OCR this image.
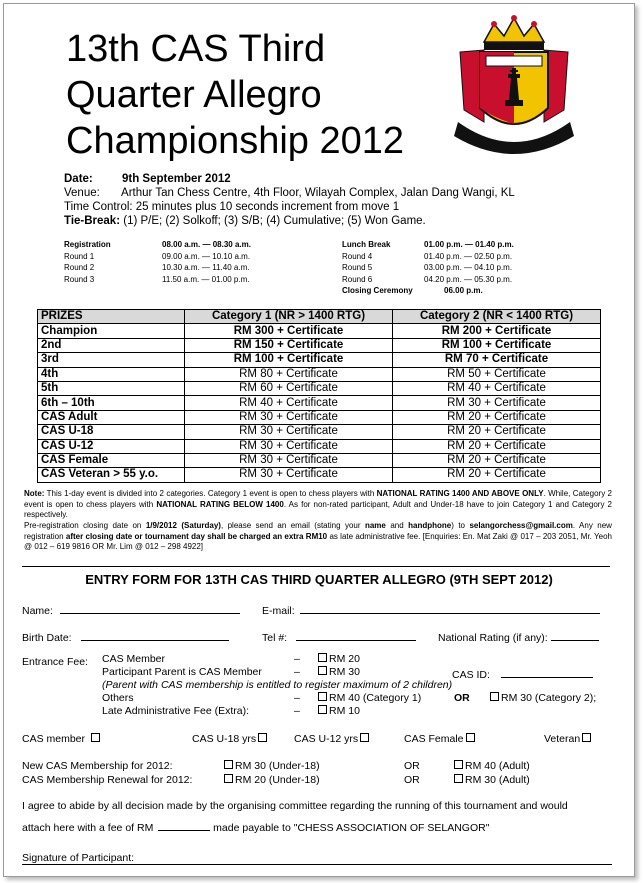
13th CAS Third
Quarter Allegro
Championship 2012
Date:	9th September 2012
Venue: Arthur Tan Chess Centre, 4th Floor, Wilayah Complex, Jalan Dang Wangi, KL
Time Control: 25 minutes plus 10 seconds increment from move 1
Tie-Break: (1) P/E; (2) Solkoff; (3) S/B; (4) Cumulative; (5) Won Game.
Registration	08.00 a.m. — 08.30 a.m.
Round 1	09.00 a.m. — 10.10 a.m.
Round 2	10.30 a.m. — 11.40 a.m.
Round 3	11.50 a.m. — 01.00 p.m.
Lunch Break	01.00 p.m. — 01.40 p.m.
Round 4	01.40 p.m. — 02.50 p.m.
Round 5	03.00 p.m. — 04.10 p.m.
Round 6	04.20 p.m. — 05.30 p.m.
Closing Ceremony	06.00 p.m.
PRIZES	Category 1 (NR > 1400 RTG)	Category 2 (NR < 1400 RTG)
Champion	RM 300 + Certificate	RM 200 + Certificate
2nd	RM 150 + Certificate	RM 100 + Certificate
3rd	RM 100 + Certificate	RM 70 + Certificate
4th	RM 80 + Certificate	RM 50 + Certificate
5th	RM 60 + Certificate	RM 40 + Certificate
6th – 10th	RM 40 + Certificate	RM 30 + Certificate
CAS Adult	RM 30 + Certificate	RM 20 + Certificate
CAS U-18	RM 30 + Certificate	RM 20 + Certificate
CAS U-12	RM 30 + Certificate	RM 20 + Certificate
CAS Female	RM 30 + Certificate	RM 20 + Certificate
CAS Veteran > 55 y.o.	RM 30 + Certificate	RM 20 + Certificate
Note: This 1-day event is divided into 2 categories. Category 1 event is open to chess players with NATIONAL RATING 1400 AND ABOVE ONLY. While, Category 2 event is open to chess players with NATIONAL RATING BELOW 1400. As for non-rated participant, Adult and Under-18 have to join Category 1 and Category 2 respectively.
Pre-registration closing date on 1/9/2012 (Saturday), please send an email (stating your name and handphone) to selangorchess@gmail.com. Any new registration after closing date or tournament day shall be charged an extra RM10 as late administrative fee. [Enquiries: En. Mat Zaki @ 017 – 203 2051, Mr. Yeoh @ 012 – 619 9816 OR Mr. Lim @ 012 – 298 4922]
ENTRY FORM FOR 13TH CAS THIRD QUARTER ALLEGRO (9TH SEPT 2012)
Name:	E-mail:
Birth Date:	Tel #:	National Rating (if any):
Entrance Fee: CAS Member	–	RM 20
Participant Parent is CAS Member	–	RM 30	CAS ID:
(Parent with CAS membership is entitled to register maximum of 2 children)
Others	–	RM 40 (Category 1)	OR	RM 30 (Category 2);
Late Administrative Fee (Extra):	–	RM 10
CAS member	CAS U-18 yrs	CAS U-12 yrs	CAS Female	Veteran
New CAS Membership for 2012:	RM 30 (Under-18)	OR	RM 40 (Adult)
CAS Membership Renewal for 2012:	RM 20 (Under-18)	OR	RM 30 (Adult)
I agree to abide by all decision made by the organising committee regarding the running of this tournament and would
attach here with a fee of RM	made payable to "CHESS ASSOCIATION OF SELANGOR"
Signature of Participant:
